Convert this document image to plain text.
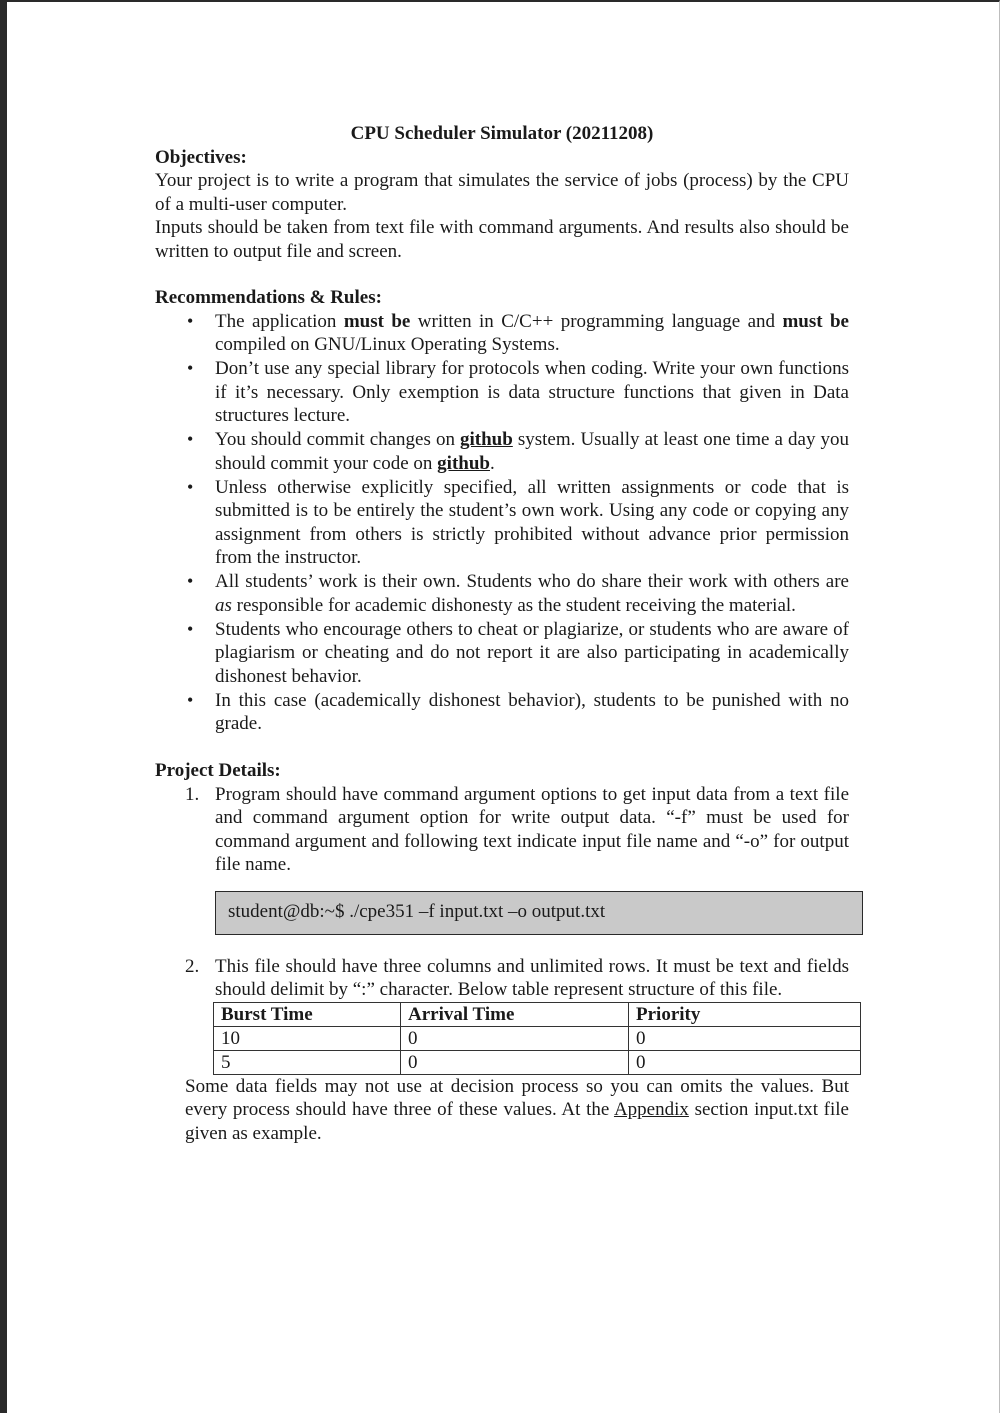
CPU Scheduler Simulator (20211208)

Objectives:

Your project is to write a program that simulates the service of jobs (process) by the CPU of a multi-user computer.

Inputs should be taken from text file with command arguments. And results also should be written to output file and screen.

Recommendations & Rules:

• The application must be written in C/C++ programming language and must be compiled on GNU/Linux Operating Systems.
• Don’t use any special library for protocols when coding. Write your own functions if it’s necessary. Only exemption is data structure functions that given in Data structures lecture.
• You should commit changes on github system. Usually at least one time a day you should commit your code on github.
• Unless otherwise explicitly specified, all written assignments or code that is submitted is to be entirely the student’s own work. Using any code or copying any assignment from others is strictly prohibited without advance prior permission from the instructor.
• All students’ work is their own. Students who do share their work with others are as responsible for academic dishonesty as the student receiving the material.
• Students who encourage others to cheat or plagiarize, or students who are aware of plagiarism or cheating and do not report it are also participating in academically dishonest behavior.
• In this case (academically dishonest behavior), students to be punished with no grade.

Project Details:

1. Program should have command argument options to get input data from a text file and command argument option for write output data. “-f” must be used for command argument and following text indicate input file name and “-o” for output file name.
student@db:~$ ./cpe351 –f input.txt –o output.txt
2. This file should have three columns and unlimited rows. It must be text and fields should delimit by “:” character. Below table represent structure of this file.
Burst Time	Arrival Time	Priority
10	0	0
5	0	0

Some data fields may not use at decision process so you can omits the values. But every process should have three of these values. At the Appendix section input.txt file given as example.
